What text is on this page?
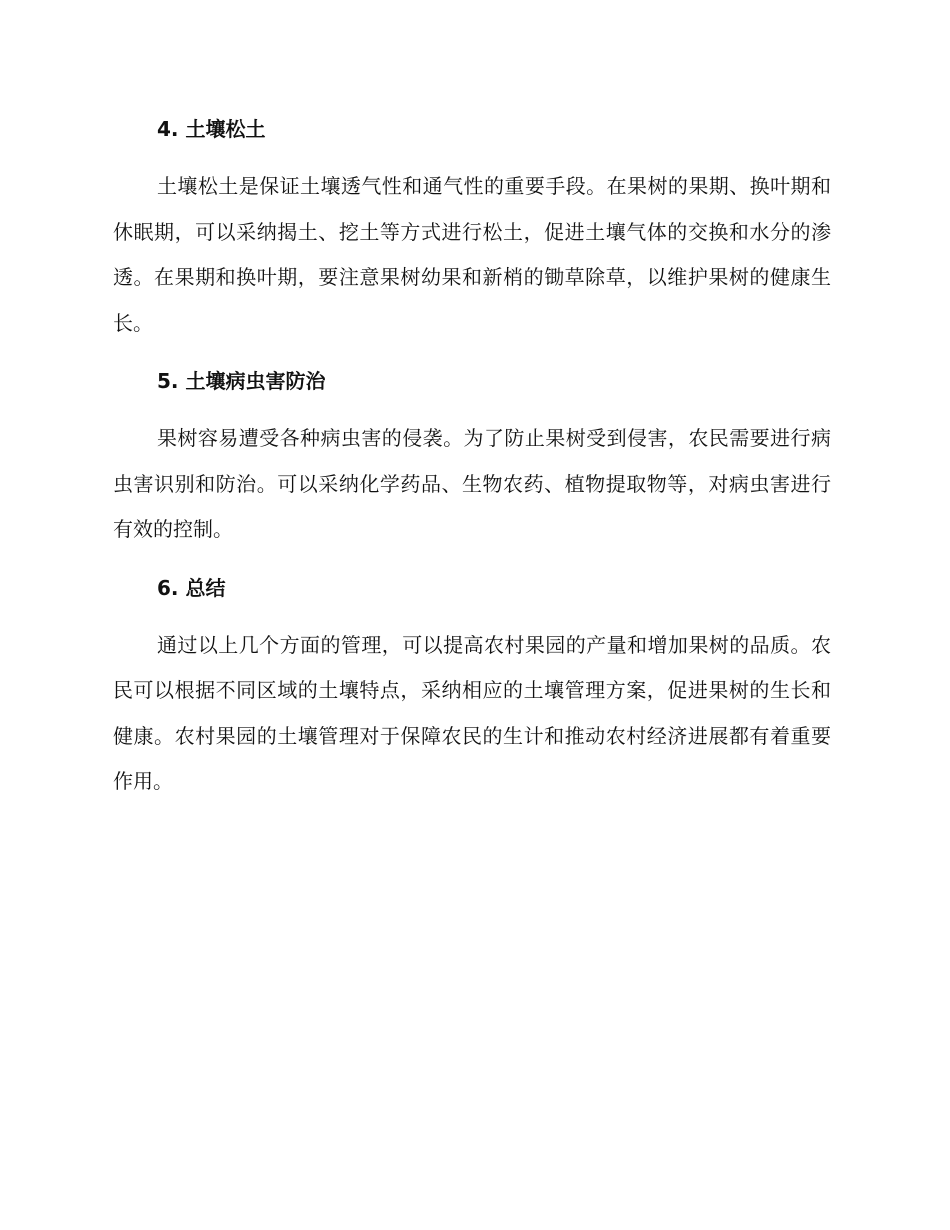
4. 土壤松土

土壤松土是保证土壤透气性和通气性的重要手段。在果树的果期、换叶期和休眠期，可以采纳揭土、挖土等方式进行松土，促进土壤气体的交换和水分的渗透。在果期和换叶期，要注意果树幼果和新梢的锄草除草，以维护果树的健康生长。

5. 土壤病虫害防治

果树容易遭受各种病虫害的侵袭。为了防止果树受到侵害，农民需要进行病虫害识别和防治。可以采纳化学药品、生物农药、植物提取物等，对病虫害进行有效的控制。

6. 总结

通过以上几个方面的管理，可以提高农村果园的产量和增加果树的品质。农民可以根据不同区域的土壤特点，采纳相应的土壤管理方案，促进果树的生长和健康。农村果园的土壤管理对于保障农民的生计和推动农村经济进展都有着重要作用。
